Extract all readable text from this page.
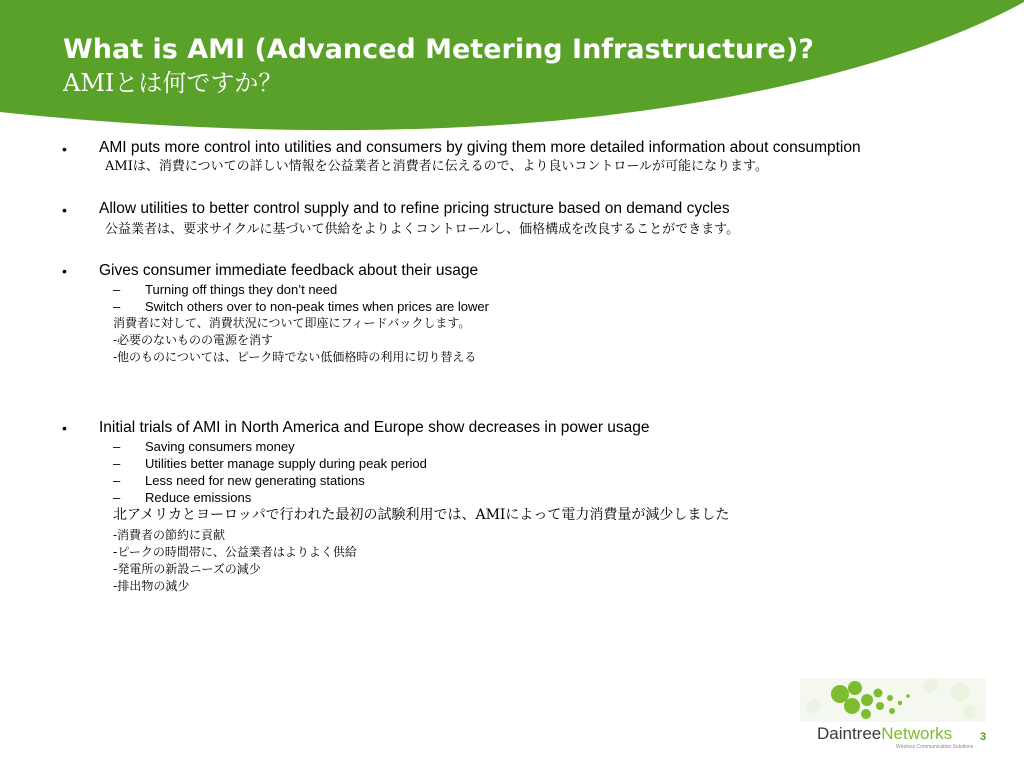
What is AMI (Advanced Metering Infrastructure)?
AMIとは何ですか？
• AMI puts more control into utilities and consumers by giving them more detailed information about consumption
AMIは、消費についての詳しい情報を公益業者と消費者に伝えるので、より良いコントロールが可能になります。
• Allow utilities to better control supply and to refine pricing structure based on demand cycles
公益業者は、要求サイクルに基づいて供給をよりよくコントロールし、価格構成を改良することができます。
• Gives consumer immediate feedback about their usage
– Turning off things they don’t need
– Switch others over to non-peak times when prices are lower
消費者に対して、消費状況について即座にフィードバックします。
-必要のないものの電源を消す
-他のものについては、ピーク時でない低価格時の利用に切り替える
• Initial trials of AMI in North America and Europe show decreases in power usage
– Saving consumers money
– Utilities better manage supply during peak period
– Less need for new generating stations
– Reduce emissions
北アメリカとヨーロッパで行われた最初の試験利用では、AMIによって電力消費量が減少しました
-消費者の節約に貢献
-ピークの時間帯に、公益業者はよりよく供給
-発電所の新設ニーズの減少
-排出物の減少
DaintreeNetworks
Wireless Communication Solutions
3
